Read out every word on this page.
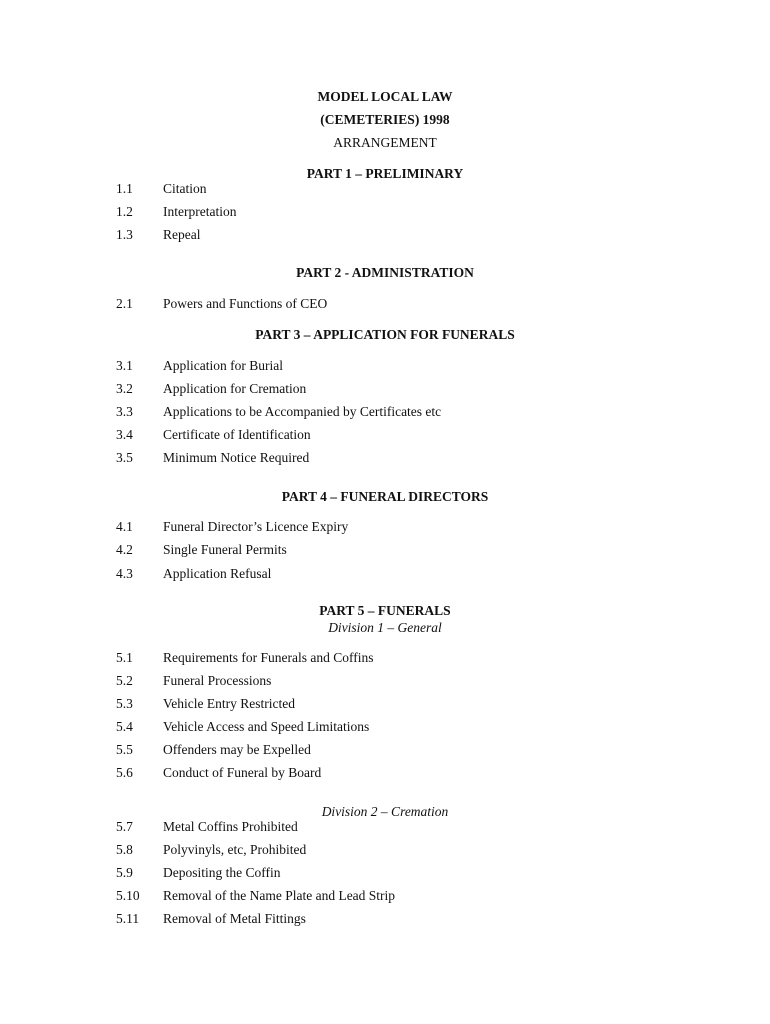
MODEL LOCAL LAW
(CEMETERIES) 1998
ARRANGEMENT
PART 1 – PRELIMINARY
1.1 Citation
1.2 Interpretation
1.3 Repeal
PART 2 - ADMINISTRATION
2.1 Powers and Functions of CEO
PART 3 – APPLICATION FOR FUNERALS
3.1 Application for Burial
3.2 Application for Cremation
3.3 Applications to be Accompanied by Certificates etc
3.4 Certificate of Identification
3.5 Minimum Notice Required
PART 4 – FUNERAL DIRECTORS
4.1 Funeral Director’s Licence Expiry
4.2 Single Funeral Permits
4.3 Application Refusal
PART 5 – FUNERALS
Division 1 – General
5.1 Requirements for Funerals and Coffins
5.2 Funeral Processions
5.3 Vehicle Entry Restricted
5.4 Vehicle Access and Speed Limitations
5.5 Offenders may be Expelled
5.6 Conduct of Funeral by Board
Division 2 – Cremation
5.7 Metal Coffins Prohibited
5.8 Polyvinyls, etc, Prohibited
5.9 Depositing the Coffin
5.10 Removal of the Name Plate and Lead Strip
5.11 Removal of Metal Fittings
